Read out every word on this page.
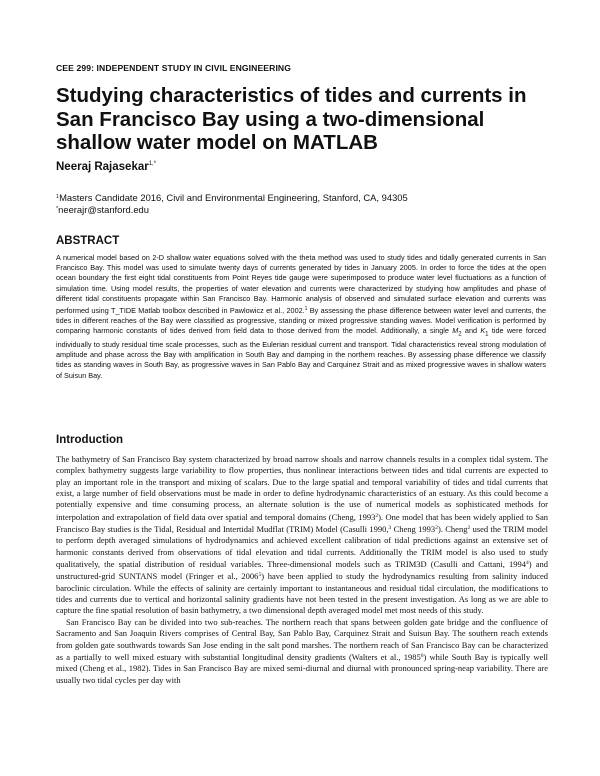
CEE 299: INDEPENDENT STUDY IN CIVIL ENGINEERING
Studying characteristics of tides and currents in San Francisco Bay using a two-dimensional shallow water model on MATLAB
Neeraj Rajasekar$^{1,*}$
$^1$Masters Candidate 2016, Civil and Environmental Engineering, Stanford, CA, 94305
*neerajr@stanford.edu
ABSTRACT

A numerical model based on 2-D shallow water equations solved with the theta method was used to study tides and tidally generated currents in San Francisco Bay. This model was used to simulate twenty days of currents generated by tides in January 2005. In order to force the tides at the open ocean boundary the first eight tidal constituents from Point Reyes tide gauge were superimposed to produce water level fluctuations as a function of simulation time. Using model results, the properties of water elevation and currents were characterized by studying how amplitudes and phase of different tidal constituents propagate within San Francisco Bay. Harmonic analysis of observed and simulated surface elevation and currents was performed using T_TIDE Matlab toolbox described in Pawlowicz et al., 2002.$^1$ By assessing the phase difference between water level and currents, the tides in different reaches of the Bay were classified as progressive, standing or mixed progressive standing waves. Model verification is performed by comparing harmonic constants of tides derived from field data to those derived from the model. Additionally, a single $M_2$ and $K_1$ tide were forced individually to study residual time scale processes, such as the Eulerian residual current and transport. Tidal characteristics reveal strong modulation of amplitude and phase across the Bay with amplification in South Bay and damping in the northern reaches. By assessing phase difference we classify tides as standing waves in South Bay, as progressive waves in San Pablo Bay and Carquinez Strait and as mixed progressive waves in shallow waters of Suisun Bay.

Introduction

The bathymetry of San Francisco Bay system characterized by broad narrow shoals and narrow channels results in a complex tidal system. The complex bathymetry suggests large variability to flow properties, thus nonlinear interactions between tides and tidal currents are expected to play an important role in the transport and mixing of scalars. Due to the large spatial and temporal variability of tides and tidal currents that exist, a large number of field observations must be made in order to define hydrodynamic characteristics of an estuary. As this could become a potentially expensive and time consuming process, an alternate solution is the use of numerical models as sophisticated methods for interpolation and extrapolation of field data over spatial and temporal domains (Cheng, 1993$^2$). One model that has been widely applied to San Francisco Bay studies is the Tidal, Residual and Intertidal Mudflat (TRIM) Model (Casulli 1990,$^3$ Cheng 1993$^2$). Cheng$^2$ used the TRIM model to perform depth averaged simulations of hydrodynamics and achieved excellent calibration of tidal predictions against an extensive set of harmonic constants derived from observations of tidal elevation and tidal currents. Additionally the TRIM model is also used to study qualitatively, the spatial distribution of residual variables. Three-dimensional models such as TRIM3D (Casulli and Cattani, 1994$^4$) and unstructured-grid SUNTANS model (Fringer et al., 2006$^5$) have been applied to study the hydrodynamics resulting from salinity induced baroclinic circulation. While the effects of salinity are certainly important to instantaneous and residual tidal circulation, the modifications to tides and currents due to vertical and horizontal salinity gradients have not been tested in the present investigation. As long as we are able to capture the fine spatial resolution of basin bathymetry, a two dimensional depth averaged model met most needs of this study.

San Francisco Bay can be divided into two sub-reaches. The northern reach that spans between golden gate bridge and the confluence of Sacramento and San Joaquin Rivers comprises of Central Bay, San Pablo Bay, Carquinez Strait and Suisun Bay. The southern reach extends from golden gate southwards towards San Jose ending in the salt pond marshes. The northern reach of San Francisco Bay can be characterized as a partially to well mixed estuary with substantial longitudinal density gradients (Walters et al., 1985$^6$) while South Bay is typically well mixed (Cheng et al., 1982). Tides in San Francisco Bay are mixed semi-diurnal and diurnal with pronounced spring-neap variability. There are usually two tidal cycles per day with
